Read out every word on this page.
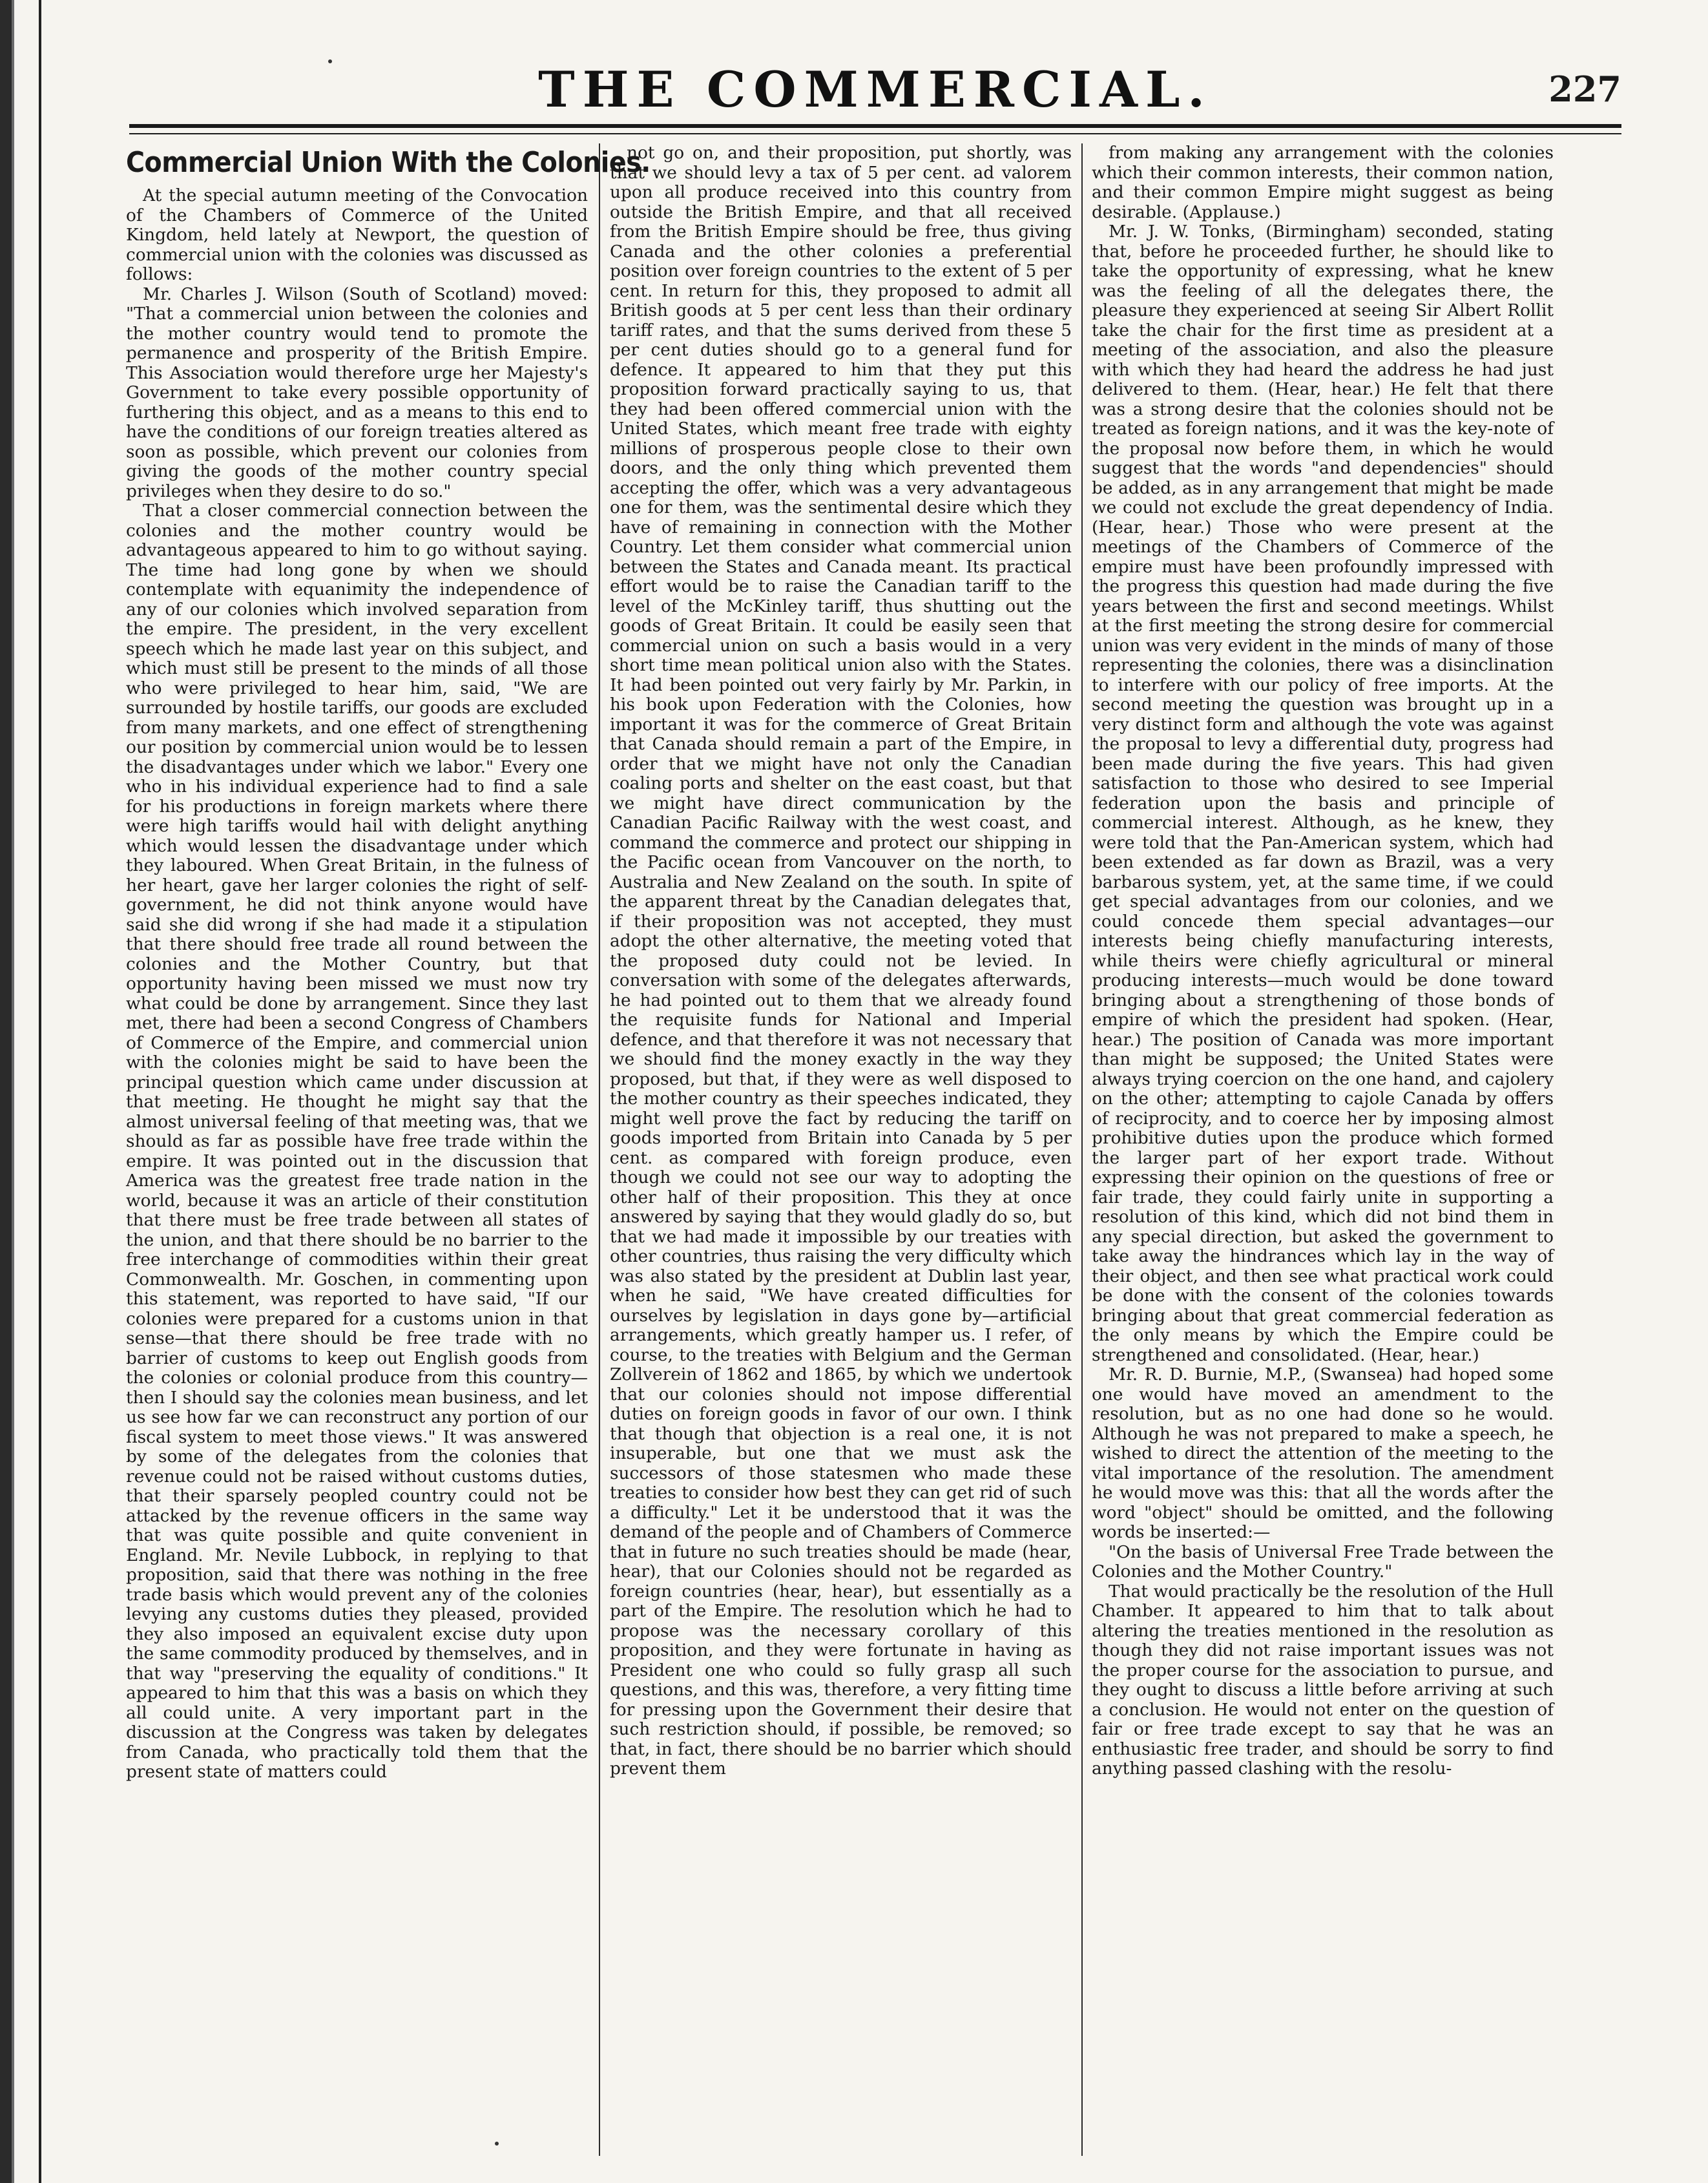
THE COMMERCIAL.	227
Commercial Union With the Colonies.

At the special autumn meeting of the Convocation of the Chambers of Commerce of the United Kingdom, held lately at Newport, the question of commercial union with the colonies was discussed as follows:

Mr. Charles J. Wilson (South of Scotland) moved: "That a commercial union between the colonies and the mother country would tend to promote the permanence and prosperity of the British Empire. This Association would therefore urge her Majesty's Government to take every possible opportunity of furthering this object, and as a means to this end to have the conditions of our foreign treaties altered as soon as possible, which prevent our colonies from giving the goods of the mother country special privileges when they desire to do so."

That a closer commercial connection between the colonies and the mother country would be advantageous appeared to him to go without saying. The time had long gone by when we should contemplate with equanimity the independence of any of our colonies which involved separation from the empire. The president, in the very excellent speech which he made last year on this subject, and which must still be present to the minds of all those who were privileged to hear him, said, "We are surrounded by hostile tariffs, our goods are excluded from many markets, and one effect of strengthening our position by commercial union would be to lessen the disadvantages under which we labor." Every one who in his individual experience had to find a sale for his productions in foreign markets where there were high tariffs would hail with delight anything which would lessen the disadvantage under which they laboured. When Great Britain, in the fulness of her heart, gave her larger colonies the right of self-government, he did not think anyone would have said she did wrong if she had made it a stipulation that there should free trade all round between the colonies and the Mother Country, but that opportunity having been missed we must now try what could be done by arrangement. Since they last met, there had been a second Congress of Chambers of Commerce of the Empire, and commercial union with the colonies might be said to have been the principal question which came under discussion at that meeting. He thought he might say that the almost universal feeling of that meeting was, that we should as far as possible have free trade within the empire. It was pointed out in the discussion that America was the greatest free trade nation in the world, because it was an article of their constitution that there must be free trade between all states of the union, and that there should be no barrier to the free interchange of commodities within their great Commonwealth. Mr. Goschen, in commenting upon this statement, was reported to have said, "If our colonies were prepared for a customs union in that sense—that there should be free trade with no barrier of customs to keep out English goods from the colonies or colonial produce from this country—then I should say the colonies mean business, and let us see how far we can reconstruct any portion of our fiscal system to meet those views." It was answered by some of the delegates from the colonies that revenue could not be raised without customs duties, that their sparsely peopled country could not be attacked by the revenue officers in the same way that was quite possible and quite convenient in England. Mr. Nevile Lubbock, in replying to that proposition, said that there was nothing in the free trade basis which would prevent any of the colonies levying any customs duties they pleased, provided they also imposed an equivalent excise duty upon the same commodity produced by themselves, and in that way "preserving the equality of conditions." It appeared to him that this was a basis on which they all could unite. A very important part in the discussion at the Congress was taken by delegates from Canada, who practically told them that the present state of matters could

not go on, and their proposition, put shortly, was that we should levy a tax of 5 per cent. ad valorem upon all produce received into this country from outside the British Empire, and that all received from the British Empire should be free, thus giving Canada and the other colonies a preferential position over foreign countries to the extent of 5 per cent. In return for this, they proposed to admit all British goods at 5 per cent less than their ordinary tariff rates, and that the sums derived from these 5 per cent duties should go to a general fund for defence. It appeared to him that they put this proposition forward practically saying to us, that they had been offered commercial union with the United States, which meant free trade with eighty millions of prosperous people close to their own doors, and the only thing which prevented them accepting the offer, which was a very advantageous one for them, was the sentimental desire which they have of remaining in connection with the Mother Country. Let them consider what commercial union between the States and Canada meant. Its practical effort would be to raise the Canadian tariff to the level of the McKinley tariff, thus shutting out the goods of Great Britain. It could be easily seen that commercial union on such a basis would in a very short time mean political union also with the States. It had been pointed out very fairly by Mr. Parkin, in his book upon Federation with the Colonies, how important it was for the commerce of Great Britain that Canada should remain a part of the Empire, in order that we might have not only the Canadian coaling ports and shelter on the east coast, but that we might have direct communication by the Canadian Pacific Railway with the west coast, and command the commerce and protect our shipping in the Pacific ocean from Vancouver on the north, to Australia and New Zealand on the south. In spite of the apparent threat by the Canadian delegates that, if their proposition was not accepted, they must adopt the other alternative, the meeting voted that the proposed duty could not be levied. In conversation with some of the delegates afterwards, he had pointed out to them that we already found the requisite funds for National and Imperial defence, and that therefore it was not necessary that we should find the money exactly in the way they proposed, but that, if they were as well disposed to the mother country as their speeches indicated, they might well prove the fact by reducing the tariff on goods imported from Britain into Canada by 5 per cent. as compared with foreign produce, even though we could not see our way to adopting the other half of their proposition. This they at once answered by saying that they would gladly do so, but that we had made it impossible by our treaties with other countries, thus raising the very difficulty which was also stated by the president at Dublin last year, when he said, "We have created difficulties for ourselves by legislation in days gone by—artificial arrangements, which greatly hamper us. I refer, of course, to the treaties with Belgium and the German Zollverein of 1862 and 1865, by which we undertook that our colonies should not impose differential duties on foreign goods in favor of our own. I think that though that objection is a real one, it is not insuperable, but one that we must ask the successors of those statesmen who made these treaties to consider how best they can get rid of such a difficulty." Let it be understood that it was the demand of the people and of Chambers of Commerce that in future no such treaties should be made (hear, hear), that our Colonies should not be regarded as foreign countries (hear, hear), but essentially as a part of the Empire. The resolution which he had to propose was the necessary corollary of this proposition, and they were fortunate in having as President one who could so fully grasp all such questions, and this was, therefore, a very fitting time for pressing upon the Government their desire that such restriction should, if possible, be removed; so that, in fact, there should be no barrier which should prevent them

from making any arrangement with the colonies which their common interests, their common nation, and their common Empire might suggest as being desirable. (Applause.)

Mr. J. W. Tonks, (Birmingham) seconded, stating that, before he proceeded further, he should like to take the opportunity of expressing, what he knew was the feeling of all the delegates there, the pleasure they experienced at seeing Sir Albert Rollit take the chair for the first time as president at a meeting of the association, and also the pleasure with which they had heard the address he had just delivered to them. (Hear, hear.) He felt that there was a strong desire that the colonies should not be treated as foreign nations, and it was the key-note of the proposal now before them, in which he would suggest that the words "and dependencies" should be added, as in any arrangement that might be made we could not exclude the great dependency of India. (Hear, hear.) Those who were present at the meetings of the Chambers of Commerce of the empire must have been profoundly impressed with the progress this question had made during the five years between the first and second meetings. Whilst at the first meeting the strong desire for commercial union was very evident in the minds of many of those representing the colonies, there was a disinclination to interfere with our policy of free imports. At the second meeting the question was brought up in a very distinct form and although the vote was against the proposal to levy a differential duty, progress had been made during the five years. This had given satisfaction to those who desired to see Imperial federation upon the basis and principle of commercial interest. Although, as he knew, they were told that the Pan-American system, which had been extended as far down as Brazil, was a very barbarous system, yet, at the same time, if we could get special advantages from our colonies, and we could concede them special advantages—our interests being chiefly manufacturing interests, while theirs were chiefly agricultural or mineral producing interests—much would be done toward bringing about a strengthening of those bonds of empire of which the president had spoken. (Hear, hear.) The position of Canada was more important than might be supposed; the United States were always trying coercion on the one hand, and cajolery on the other; attempting to cajole Canada by offers of reciprocity, and to coerce her by imposing almost prohibitive duties upon the produce which formed the larger part of her export trade. Without expressing their opinion on the questions of free or fair trade, they could fairly unite in supporting a resolution of this kind, which did not bind them in any special direction, but asked the government to take away the hindrances which lay in the way of their object, and then see what practical work could be done with the consent of the colonies towards bringing about that great commercial federation as the only means by which the Empire could be strengthened and consolidated. (Hear, hear.)

Mr. R. D. Burnie, M.P., (Swansea) had hoped some one would have moved an amendment to the resolution, but as no one had done so he would. Although he was not prepared to make a speech, he wished to direct the attention of the meeting to the vital importance of the resolution. The amendment he would move was this: that all the words after the word "object" should be omitted, and the following words be inserted:—

"On the basis of Universal Free Trade between the Colonies and the Mother Country."

That would practically be the resolution of the Hull Chamber. It appeared to him that to talk about altering the treaties mentioned in the resolution as though they did not raise important issues was not the proper course for the association to pursue, and they ought to discuss a little before arriving at such a conclusion. He would not enter on the question of fair or free trade except to say that he was an enthusiastic free trader, and should be sorry to find anything passed clashing with the resolu-
